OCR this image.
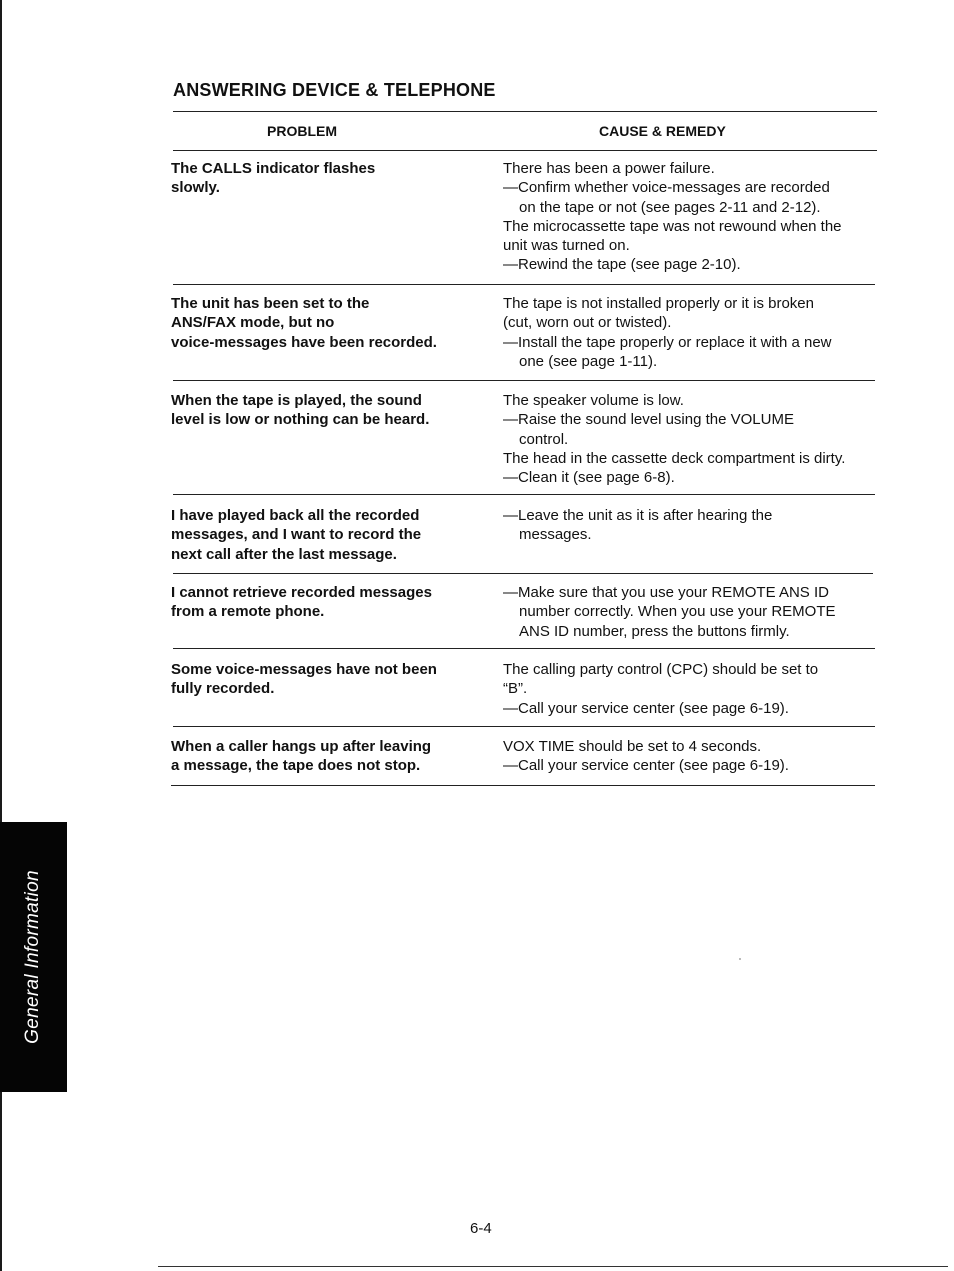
ANSWERING DEVICE & TELEPHONE
PROBLEM	CAUSE & REMEDY
The CALLS indicator flashes
slowly.
There has been a power failure.
—Confirm whether voice-messages are recorded
on the tape or not (see pages 2-11 and 2-12).
The microcassette tape was not rewound when the
unit was turned on.
—Rewind the tape (see page 2-10).
The unit has been set to the
ANS/FAX mode, but no
voice-messages have been recorded.
The tape is not installed properly or it is broken
(cut, worn out or twisted).
—Install the tape properly or replace it with a new
one (see page 1-11).
When the tape is played, the sound
level is low or nothing can be heard.
The speaker volume is low.
—Raise the sound level using the VOLUME
control.
The head in the cassette deck compartment is dirty.
—Clean it (see page 6-8).
I have played back all the recorded
messages, and I want to record the
next call after the last message.
—Leave the unit as it is after hearing the
messages.
I cannot retrieve recorded messages
from a remote phone.
—Make sure that you use your REMOTE ANS ID
number correctly. When you use your REMOTE
ANS ID number, press the buttons firmly.
Some voice-messages have not been
fully recorded.
The calling party control (CPC) should be set to
“B”.
—Call your service center (see page 6-19).
When a caller hangs up after leaving
a message, the tape does not stop.
VOX TIME should be set to 4 seconds.
—Call your service center (see page 6-19).
General Information
6-4
